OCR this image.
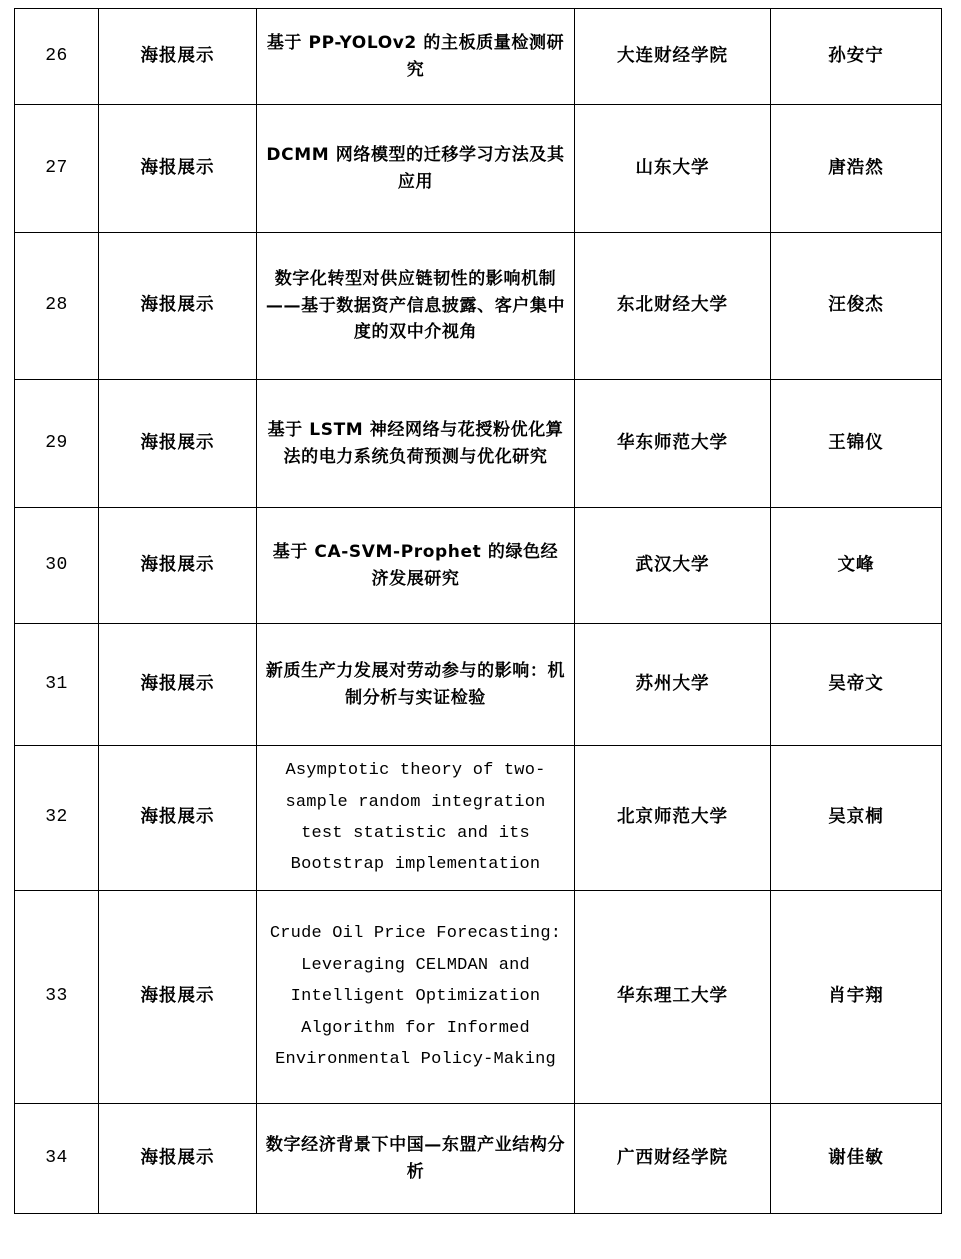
26	海报展示	基于 PP-YOLOv2 的主板质量检测研究	大连财经学院	孙安宁
27	海报展示	DCMM 网络模型的迁移学习方法及其应用	山东大学	唐浩然
28	海报展示	数字化转型对供应链韧性的影响机制——基于数据资产信息披露、客户集中度的双中介视角	东北财经大学	汪俊杰
29	海报展示	基于 LSTM 神经网络与花授粉优化算法的电力系统负荷预测与优化研究	华东师范大学	王锦仪
30	海报展示	基于 CA-SVM-Prophet 的绿色经济发展研究	武汉大学	文峰
31	海报展示	新质生产力发展对劳动参与的影响：机制分析与实证检验	苏州大学	吴帝文
32	海报展示	Asymptotic theory of two-sample random integration test statistic and its Bootstrap implementation	北京师范大学	吴京桐
33	海报展示	Crude Oil Price Forecasting: Leveraging CELMDAN and Intelligent Optimization Algorithm for Informed Environmental Policy-Making	华东理工大学	肖宇翔
34	海报展示	数字经济背景下中国—东盟产业结构分析	广西财经学院	谢佳敏
